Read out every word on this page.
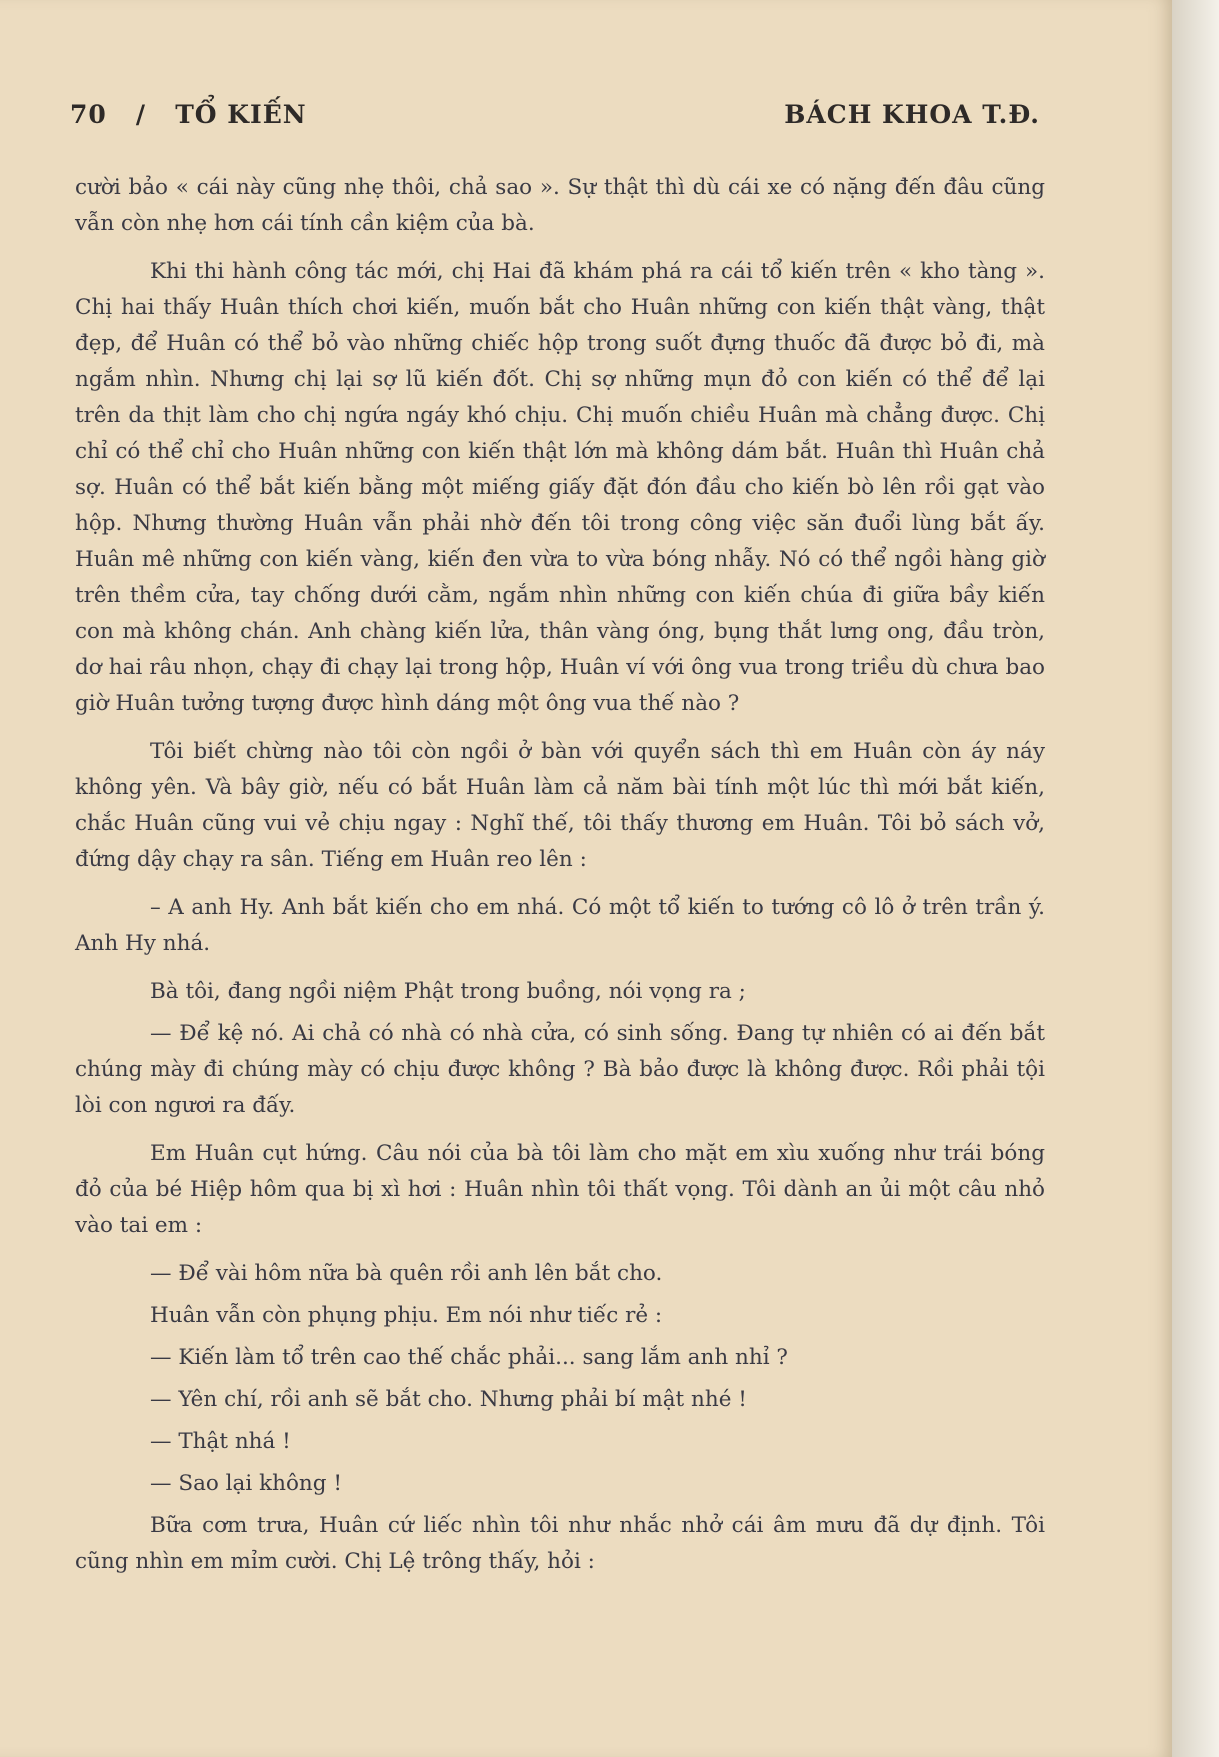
70 / TỔ KIẾN	BÁCH KHOA T.Đ.

cười bảo « cái này cũng nhẹ thôi, chả sao ». Sự thật thì dù cái xe có nặng đến đâu cũng vẫn còn nhẹ hơn cái tính cần kiệm của bà.

Khi thi hành công tác mới, chị Hai đã khám phá ra cái tổ kiến trên « kho tàng ». Chị hai thấy Huân thích chơi kiến, muốn bắt cho Huân những con kiến thật vàng, thật đẹp, để Huân có thể bỏ vào những chiếc hộp trong suốt đựng thuốc đã được bỏ đi, mà ngắm nhìn. Nhưng chị lại sợ lũ kiến đốt. Chị sợ những mụn đỏ con kiến có thể để lại trên da thịt làm cho chị ngứa ngáy khó chịu. Chị muốn chiều Huân mà chẳng được. Chị chỉ có thể chỉ cho Huân những con kiến thật lớn mà không dám bắt. Huân thì Huân chả sợ. Huân có thể bắt kiến bằng một miếng giấy đặt đón đầu cho kiến bò lên rồi gạt vào hộp. Nhưng thường Huân vẫn phải nhờ đến tôi trong công việc săn đuổi lùng bắt ấy. Huân mê những con kiến vàng, kiến đen vừa to vừa bóng nhẫy. Nó có thể ngồi hàng giờ trên thềm cửa, tay chống dưới cằm, ngắm nhìn những con kiến chúa đi giữa bầy kiến con mà không chán. Anh chàng kiến lửa, thân vàng óng, bụng thắt lưng ong, đầu tròn, dơ hai râu nhọn, chạy đi chạy lại trong hộp, Huân ví với ông vua trong triều dù chưa bao giờ Huân tưởng tượng được hình dáng một ông vua thế nào ?

Tôi biết chừng nào tôi còn ngồi ở bàn với quyển sách thì em Huân còn áy náy không yên. Và bây giờ, nếu có bắt Huân làm cả năm bài tính một lúc thì mới bắt kiến, chắc Huân cũng vui vẻ chịu ngay : Nghĩ thế, tôi thấy thương em Huân. Tôi bỏ sách vở, đứng dậy chạy ra sân. Tiếng em Huân reo lên :

– A anh Hy. Anh bắt kiến cho em nhá. Có một tổ kiến to tướng cô lô ở trên trần ý. Anh Hy nhá.

Bà tôi, đang ngồi niệm Phật trong buồng, nói vọng ra ;

— Để kệ nó. Ai chả có nhà có nhà cửa, có sinh sống. Đang tự nhiên có ai đến bắt chúng mày đi chúng mày có chịu được không ? Bà bảo được là không được. Rồi phải tội lòi con ngươi ra đấy.

Em Huân cụt hứng. Câu nói của bà tôi làm cho mặt em xìu xuống như trái bóng đỏ của bé Hiệp hôm qua bị xì hơi : Huân nhìn tôi thất vọng. Tôi dành an ủi một câu nhỏ vào tai em :

— Để vài hôm nữa bà quên rồi anh lên bắt cho.

Huân vẫn còn phụng phịu. Em nói như tiếc rẻ :

— Kiến làm tổ trên cao thế chắc phải... sang lắm anh nhỉ ?

— Yên chí, rồi anh sẽ bắt cho. Nhưng phải bí mật nhé !

— Thật nhá !

— Sao lại không !

Bữa cơm trưa, Huân cứ liếc nhìn tôi như nhắc nhở cái âm mưu đã dự định. Tôi cũng nhìn em mỉm cười. Chị Lệ trông thấy, hỏi :
